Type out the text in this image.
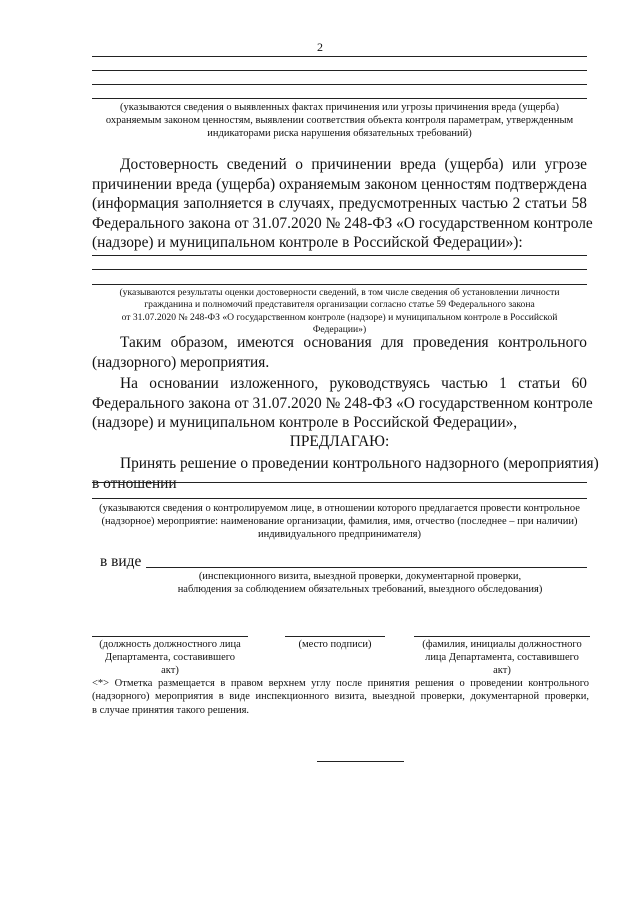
2
(указываются сведения о выявленных фактах причинения или угрозы причинения вреда (ущерба)
охраняемым законом ценностям, выявлении соответствия объекта контроля параметрам, утвержденным
индикаторами риска нарушения обязательных требований)
Достоверность сведений о причинении вреда (ущерба) или угрозе
причинении вреда (ущерба) охраняемым законом ценностям подтверждена
(информация заполняется в случаях, предусмотренных частью 2 статьи 58
Федерального закона от 31.07.2020 № 248-ФЗ «О государственном контроле
(надзоре) и муниципальном контроле в Российской Федерации»):
(указываются результаты оценки достоверности сведений, в том числе сведения об установлении личности
гражданина и полномочий представителя организации согласно статье 59 Федерального закона
от 31.07.2020 № 248-ФЗ «О государственном контроле (надзоре) и муниципальном контроле в Российской
Федерации»)
Таким образом, имеются основания для проведения контрольного
(надзорного) мероприятия.
На основании изложенного, руководствуясь частью 1 статьи 60
Федерального закона от 31.07.2020 № 248-ФЗ «О государственном контроле
(надзоре) и муниципальном контроле в Российской Федерации»,
ПРЕДЛАГАЮ:
Принять решение о проведении контрольного надзорного (мероприятия)
в отношении
(указываются сведения о контролируемом лице, в отношении которого предлагается провести контрольное
(надзорное) мероприятие: наименование организации, фамилия, имя, отчество (последнее – при наличии)
индивидуального предпринимателя)
в виде
(инспекционного визита, выездной проверки, документарной проверки,
наблюдения за соблюдением обязательных требований, выездного обследования)
(должность должностного лица
Департамента, составившего
акт)
(место подписи)	(фамилия, инициалы должностного
лица Департамента, составившего
акт)
<*> Отметка размещается в правом верхнем углу после принятия решения о проведении контрольного
(надзорного) мероприятия в виде инспекционного визита, выездной проверки, документарной проверки,
в случае принятия такого решения.
